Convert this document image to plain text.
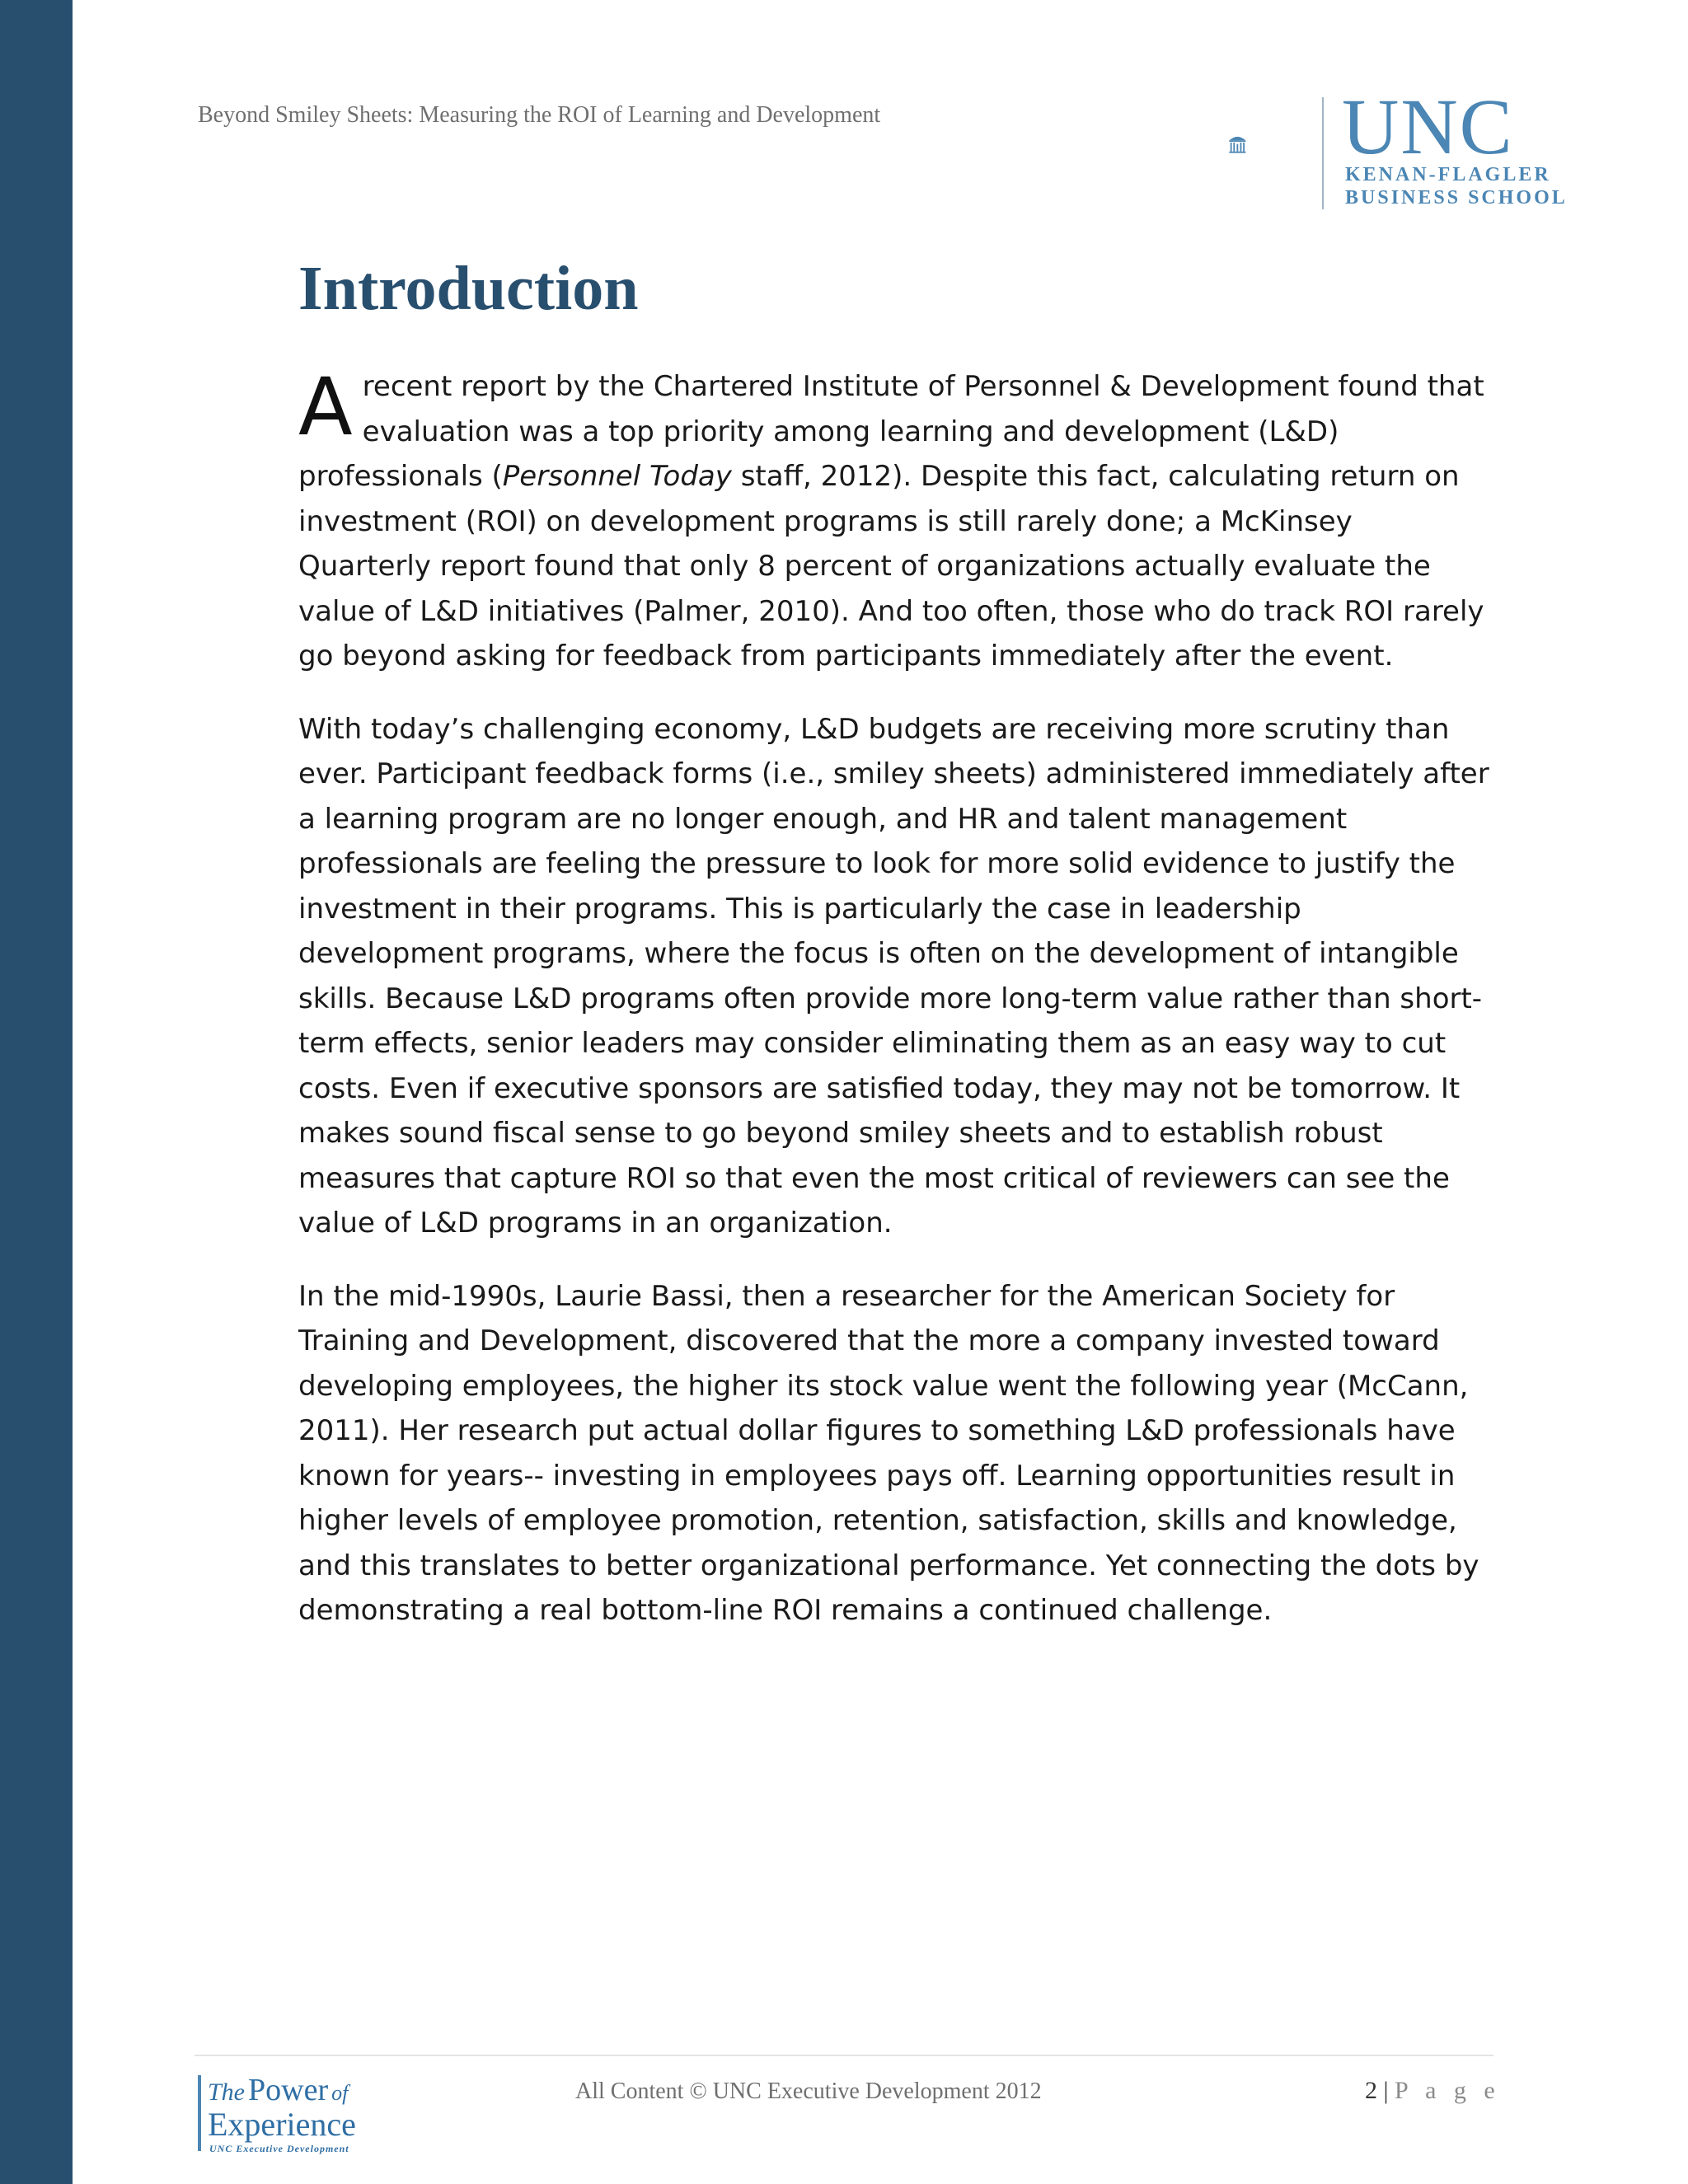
Beyond Smiley Sheets: Measuring the ROI of Learning and Development	UNC
KENAN-FLAGLER
BUSINESS SCHOOL
Introduction

A recent report by the Chartered Institute of Personnel & Development found that evaluation was a top priority among learning and development (L&D) professionals (Personnel Today staff, 2012). Despite this fact, calculating return on investment (ROI) on development programs is still rarely done; a McKinsey Quarterly report found that only 8 percent of organizations actually evaluate the value of L&D initiatives (Palmer, 2010). And too often, those who do track ROI rarely go beyond asking for feedback from participants immediately after the event.

With today’s challenging economy, L&D budgets are receiving more scrutiny than ever. Participant feedback forms (i.e., smiley sheets) administered immediately after a learning program are no longer enough, and HR and talent management professionals are feeling the pressure to look for more solid evidence to justify the investment in their programs. This is particularly the case in leadership development programs, where the focus is often on the development of intangible skills. Because L&D programs often provide more long-term value rather than short-term effects, senior leaders may consider eliminating them as an easy way to cut costs. Even if executive sponsors are satisfied today, they may not be tomorrow. It makes sound fiscal sense to go beyond smiley sheets and to establish robust measures that capture ROI so that even the most critical of reviewers can see the value of L&D programs in an organization.

In the mid-1990s, Laurie Bassi, then a researcher for the American Society for Training and Development, discovered that the more a company invested toward developing employees, the higher its stock value went the following year (McCann, 2011). Her research put actual dollar figures to something L&D professionals have known for years-- investing in employees pays off. Learning opportunities result in higher levels of employee promotion, retention, satisfaction, skills and knowledge, and this translates to better organizational performance. Yet connecting the dots by demonstrating a real bottom-line ROI remains a continued challenge.

The Power of
Experience
UNC Executive Development
All Content © UNC Executive Development 2012	2 | P a g e
